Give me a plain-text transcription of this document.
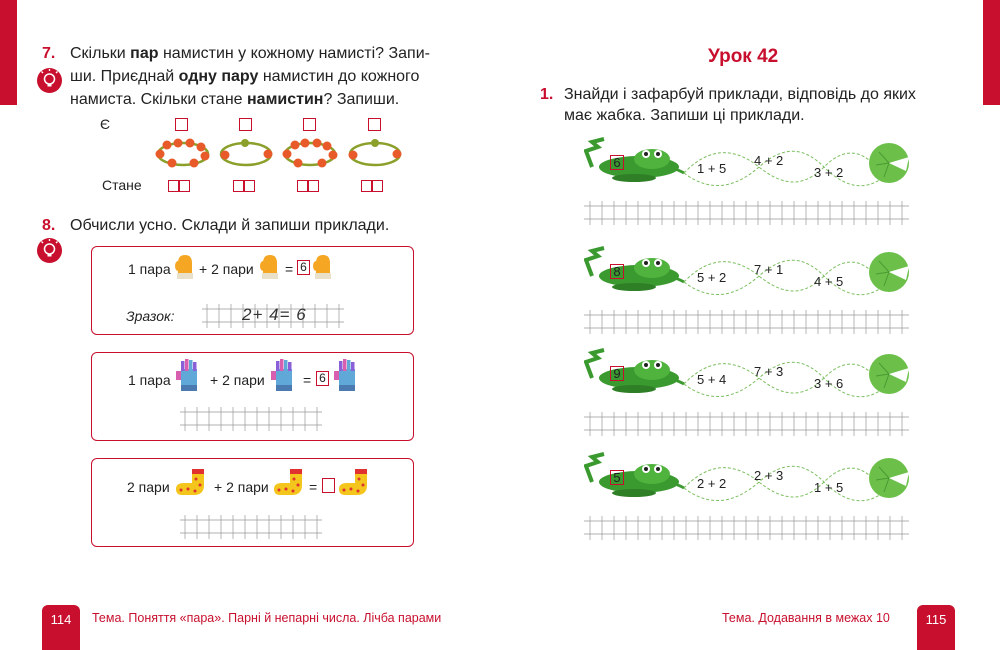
7. Скільки пар намистин у кожному намисті? Запи-
ши. Приєднай одну пару намистин до кожного
намиста. Скільки стане намистин? Запиши.
Є
Стане
8. Обчисли усно. Склади й запиши приклади.
1 пара + 2 пари = 6
Зразок:	2+ 4= 6
1 пара	+ 2 пари	= 6
2 пари	+ 2 пари	=
114	Тема. Поняття «пара». Парні й непарні числа. Лічба парами
Урок 42
1. Знайди і зафарбуй приклади, відповідь до яких
має жабка. Запиши ці приклади.
6	1 + 5
4 + 2
3 + 2
8	5 + 2
7 + 1
4 + 5
9	5 + 4
7 + 3
3 + 6
5	2 + 2
2 + 3
1 + 5
Тема. Додавання в межах 10	115
